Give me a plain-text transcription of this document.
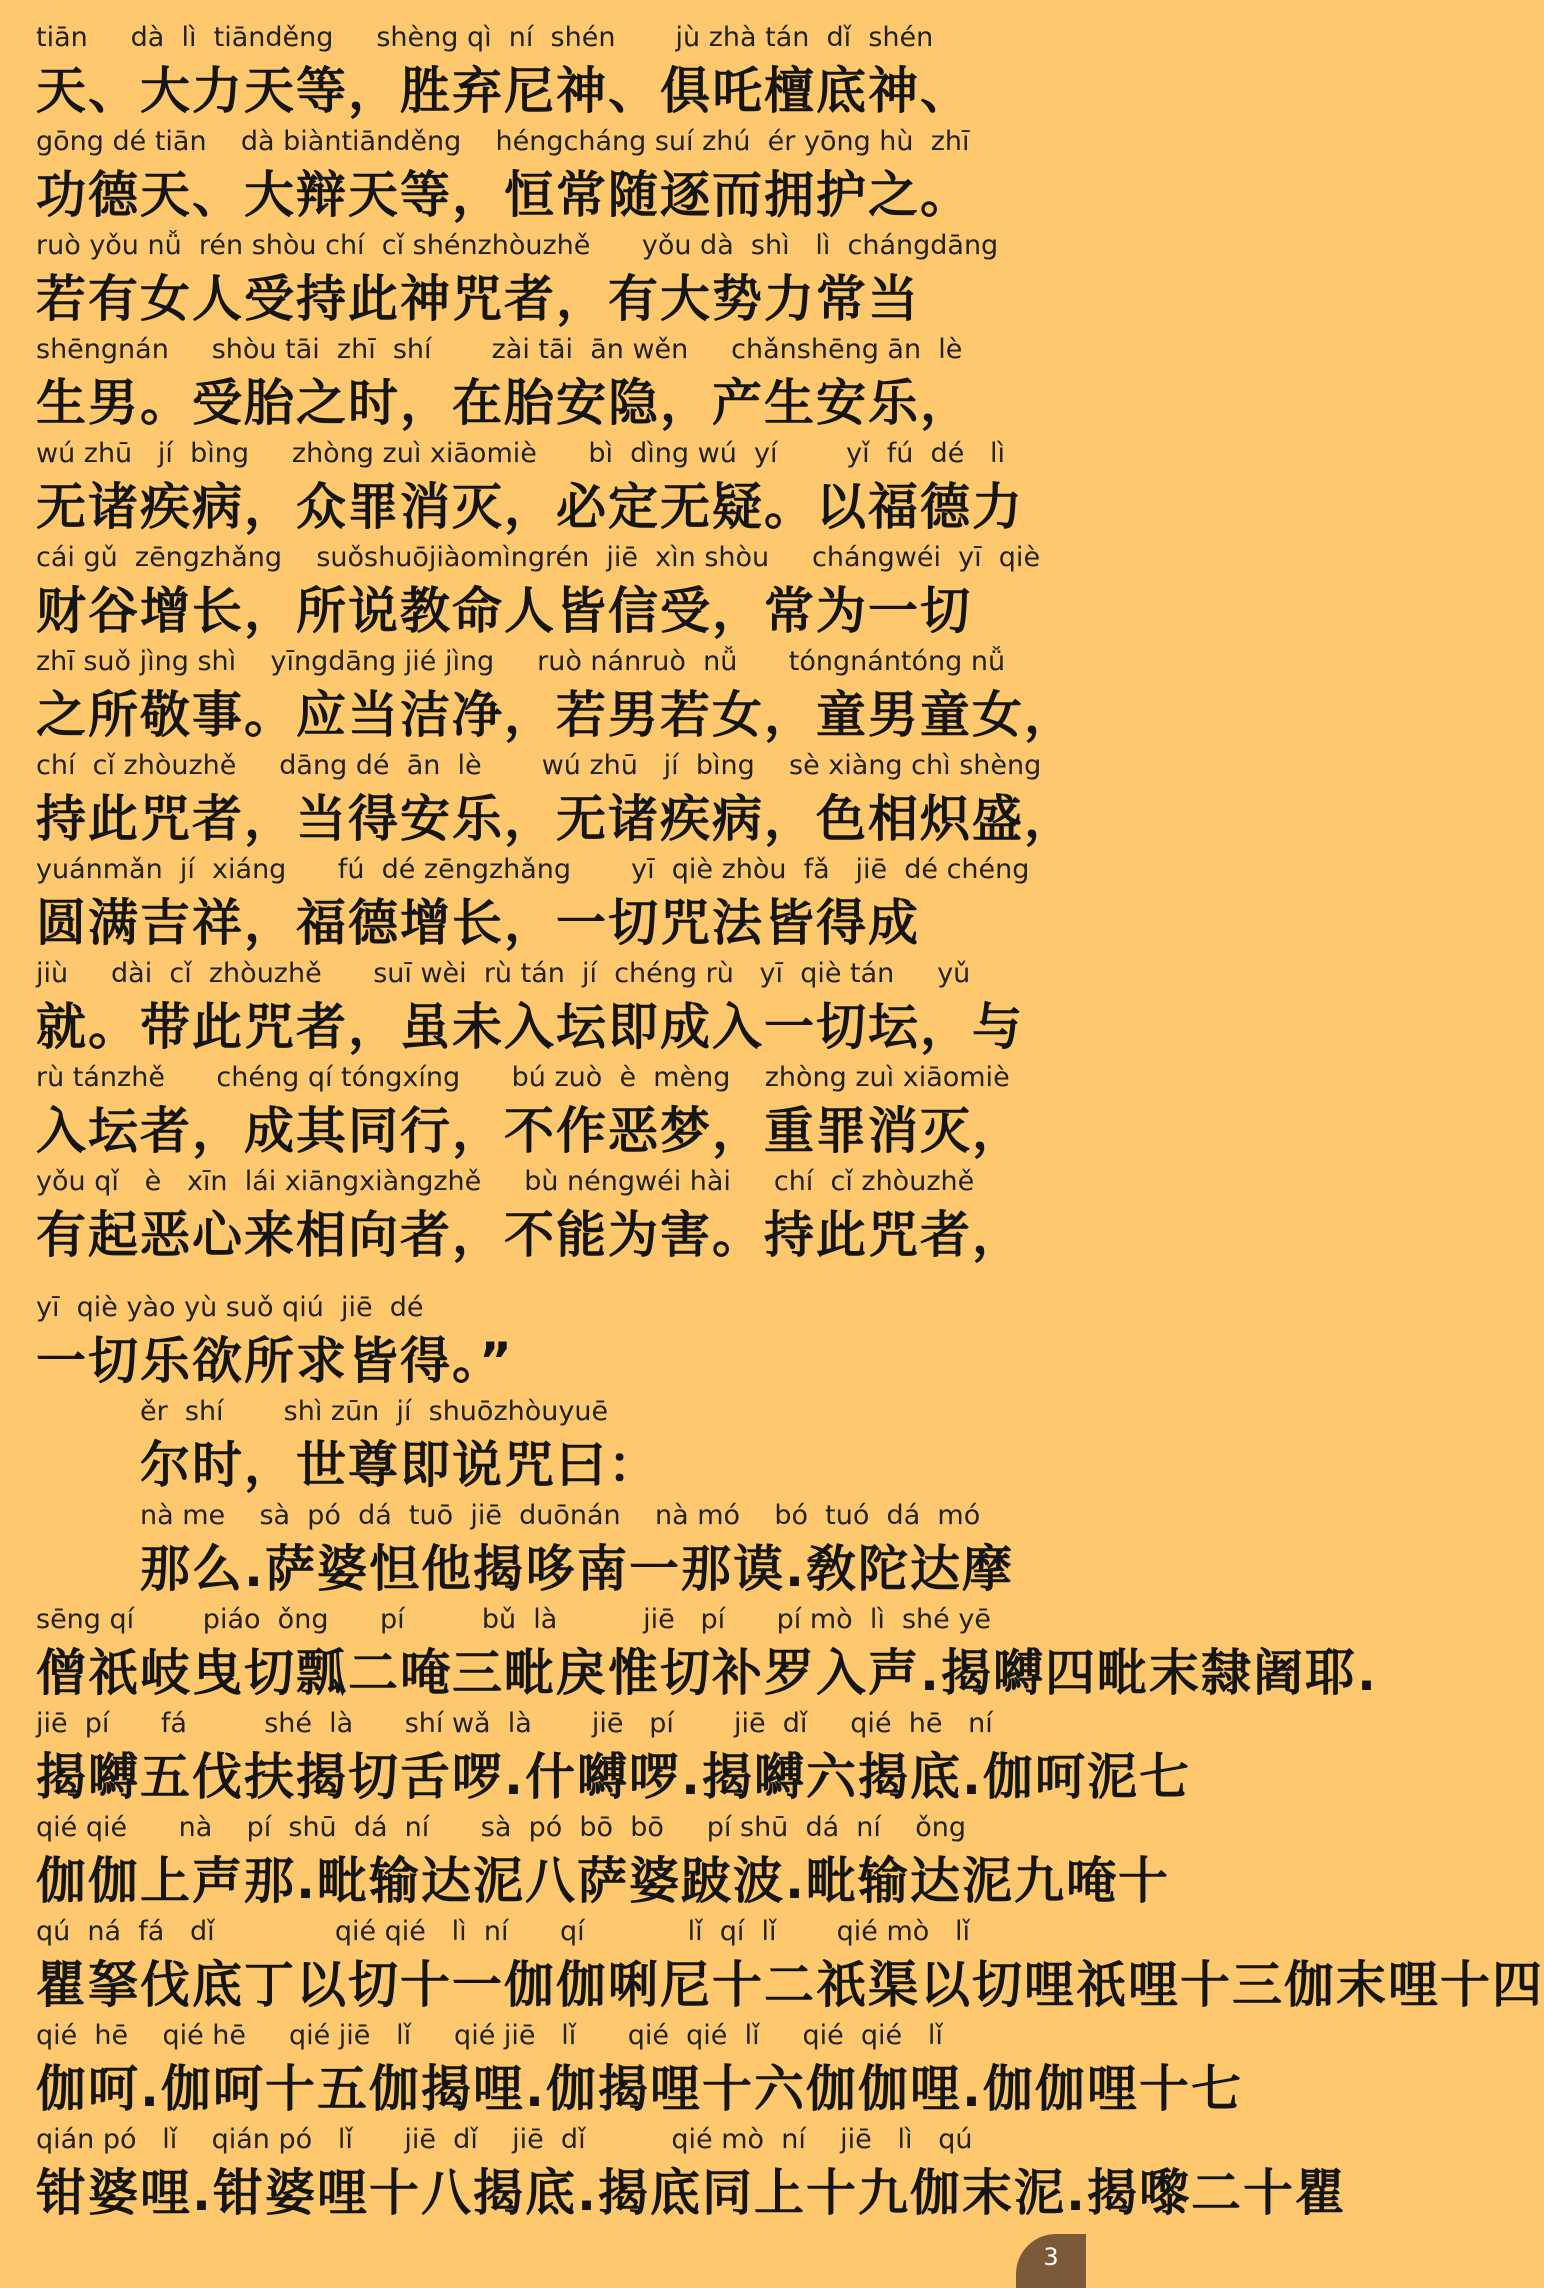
tiān     dà  lì  tiānděng     shèng qì  ní  shén       jù zhà tán  dǐ  shén
天、大力天等，胜弃尼神、俱吒檀底神、
gōng dé tiān    dà biàntiānděng    héngcháng suí zhú  ér yōng hù  zhī
功德天、大辩天等，恒常随逐而拥护之。
ruò yǒu nǚ  rén shòu chí  cǐ shénzhòuzhě      yǒu dà  shì   lì  chángdāng
若有女人受持此神咒者，有大势力常当
shēngnán     shòu tāi  zhī  shí       zài tāi  ān wěn     chǎnshēng ān  lè
生男。受胎之时，在胎安隐，产生安乐，
wú zhū   jí  bìng     zhòng zuì xiāomiè      bì  dìng wú  yí        yǐ  fú  dé   lì
无诸疾病，众罪消灭，必定无疑。以福德力
cái gǔ  zēngzhǎng    suǒshuōjiàomìngrén  jiē  xìn shòu     chángwéi  yī  qiè
财谷增长，所说教命人皆信受，常为一切
zhī suǒ jìng shì    yīngdāng jié jìng     ruò nánruò  nǚ      tóngnántóng nǚ
之所敬事。应当洁净，若男若女，童男童女，
chí  cǐ zhòuzhě     dāng dé  ān  lè       wú zhū   jí  bìng    sè xiàng chì shèng
持此咒者，当得安乐，无诸疾病，色相炽盛，
yuánmǎn  jí  xiáng      fú  dé zēngzhǎng       yī  qiè zhòu  fǎ   jiē  dé chéng
圆满吉祥，福德增长，一切咒法皆得成
jiù     dài  cǐ  zhòuzhě      suī wèi  rù tán  jí  chéng rù   yī  qiè tán     yǔ
就。带此咒者，虽未入坛即成入一切坛，与
rù tánzhě      chéng qí tóngxíng      bú zuò  è  mèng    zhòng zuì xiāomiè
入坛者，成其同行，不作恶梦，重罪消灭，
yǒu qǐ   è   xīn  lái xiāngxiàngzhě     bù néngwéi hài     chí  cǐ zhòuzhě
有起恶心来相向者，不能为害。持此咒者，
yī  qiè yào yù suǒ qiú  jiē  dé
一切乐欲所求皆得。”
ěr  shí       shì zūn  jí  shuōzhòuyuē
尔时，世尊即说咒曰：
nà me    sà  pó  dá  tuō  jiē  duōnán    nà mó    bó  tuó  dá  mó
那么.萨婆怛他揭哆南一那谟.敎陀达摩
sēng qí        piáo  ǒng      pí         bǔ  là          jiē   pí      pí mò  lì  shé yē
僧祇岐曳切瓢二唵三毗戾惟切补罗入声.揭嚩四毗末隸阇耶.
jiē  pí      fá         shé  là      shí wǎ  là       jiē   pí       jiē  dǐ     qié  hē   ní
揭嚩五伐扶揭切舌啰.什嚩啰.揭嚩六揭底.伽呵泥七
qié qié      nà    pí  shū  dá  ní      sà  pó  bō  bō     pí shū  dá  ní    ǒng
伽伽上声那.毗输达泥八萨婆跛波.毗输达泥九唵十
qú  ná  fá   dǐ              qié qié   lì  ní      qí            lǐ  qí  lǐ       qié mò   lǐ
瞿拏伐底丁以切十一伽伽唎尼十二祇渠以切哩祇哩十三伽末哩十四
qié  hē    qié hē     qié jiē   lǐ     qié jiē   lǐ      qié  qié  lǐ     qié  qié   lǐ
伽呵.伽呵十五伽揭哩.伽揭哩十六伽伽哩.伽伽哩十七
qián pó   lǐ    qián pó   lǐ      jiē  dǐ    jiē  dǐ          qié mò  ní    jiē   lì   qú
钳婆哩.钳婆哩十八揭底.揭底同上十九伽末泥.揭嚟二十瞿
3
